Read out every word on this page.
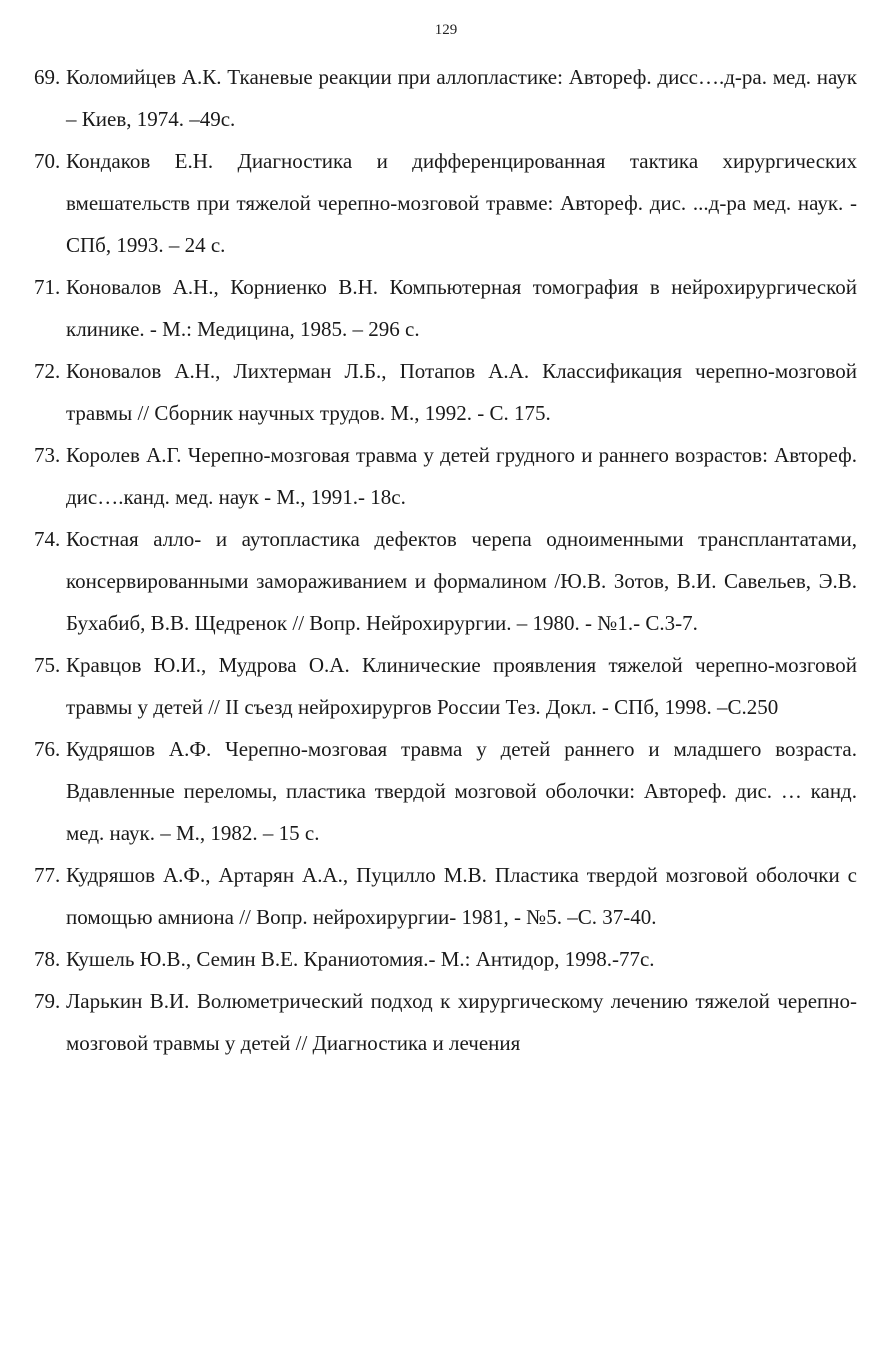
129
69. Коломийцев А.К. Тканевые реакции при аллопластике: Автореф. дисс….д-ра. мед. наук – Киев, 1974. –49с.
70. Кондаков Е.Н. Диагностика и дифференцированная тактика хирургических вмешательств при тяжелой черепно-мозговой травме: Автореф. дис. ...д-ра мед. наук. - СПб, 1993. – 24 с.
71. Коновалов А.Н., Корниенко В.Н. Компьютерная томография в нейрохирургической клинике. - М.: Медицина, 1985. – 296 с.
72. Коновалов А.Н., Лихтерман Л.Б., Потапов А.А. Классификация черепно-мозговой травмы // Сборник научных трудов. М., 1992. - С. 175.
73. Королев А.Г. Черепно-мозговая травма у детей грудного и раннего возрастов: Автореф. дис….канд. мед. наук - М., 1991.- 18с.
74. Костная алло- и аутопластика дефектов черепа одноименными трансплантатами, консервированными замораживанием и формалином /Ю.В. Зотов, В.И. Савельев, Э.В. Бухабиб, В.В. Щедренок // Вопр. Нейрохирургии. – 1980. - №1.- С.3-7.
75. Кравцов Ю.И., Мудрова О.А. Клинические проявления тяжелой черепно-мозговой травмы у детей // II съезд нейрохирургов России Тез. Докл. - СПб, 1998. –С.250
76. Кудряшов А.Ф. Черепно-мозговая травма у детей раннего и младшего возраста. Вдавленные переломы, пластика твердой мозговой оболочки: Автореф. дис. … канд. мед. наук. – М., 1982. – 15 с.
77. Кудряшов А.Ф., Артарян А.А., Пуцилло М.В. Пластика твердой мозговой оболочки с помощью амниона // Вопр. нейрохирургии- 1981, - №5. –С. 37-40.
78. Кушель Ю.В., Семин В.Е. Краниотомия.- М.: Антидор, 1998.-77с.
79. Ларькин В.И. Волюметрический подход к хирургическому лечению тяжелой черепно-мозговой травмы у детей // Диагностика и лечения
